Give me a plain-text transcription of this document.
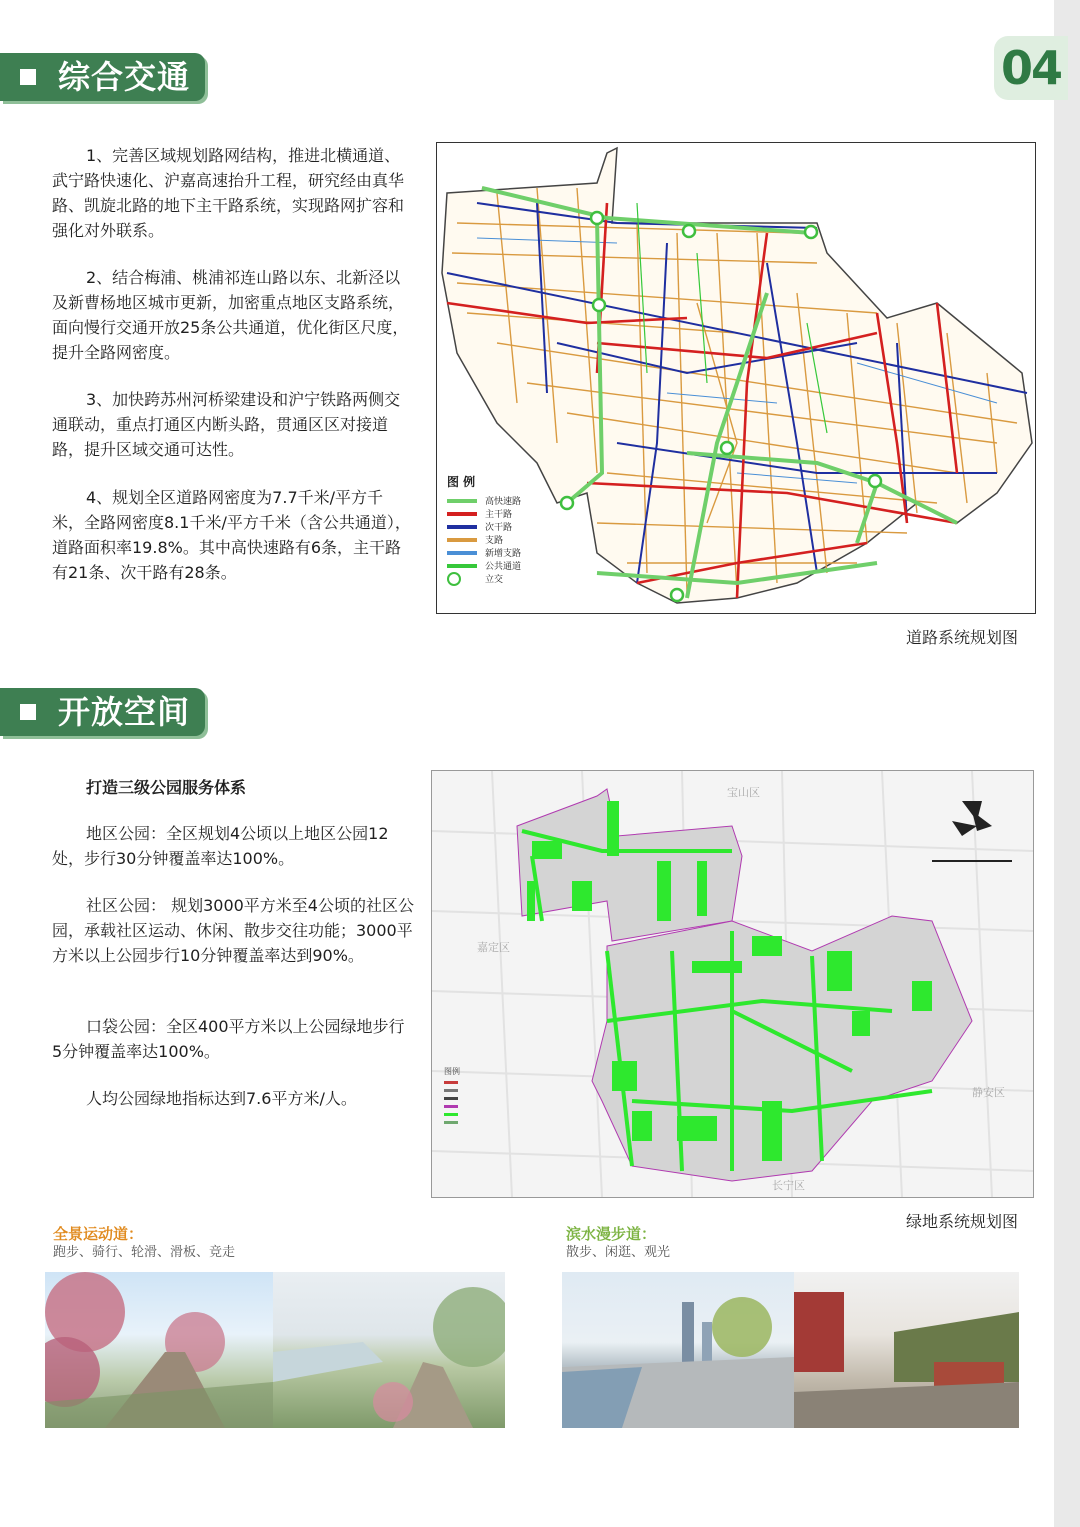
04
综合交通

1、完善区域规划路网结构，推进北横通道、武宁路快速化、沪嘉高速抬升工程，研究经由真华路、凯旋北路的地下主干路系统，实现路网扩容和强化对外联系。

2、结合梅浦、桃浦祁连山路以东、北新泾以及新曹杨地区城市更新，加密重点地区支路系统，面向慢行交通开放25条公共通道，优化街区尺度，提升全路网密度。

3、加快跨苏州河桥梁建设和沪宁铁路两侧交通联动，重点打通区内断头路，贯通区区对接道路，提升区域交通可达性。

4、规划全区道路网密度为7.7千米/平方千米，全路网密度8.1千米/平方千米（含公共通道），道路面积率19.8%。其中高快速路有6条，主干路有21条、次干路有28条。

图 例
高快速路
主干路
次干路
支路
新增支路
公共通道
立交
道路系统规划图
开放空间

打造三级公园服务体系

地区公园：全区规划4公顷以上地区公园12处，步行30分钟覆盖率达100%。

社区公园： 规划3000平方米至4公顷的社区公园，承载社区运动、休闲、散步交往功能；3000平方米以上公园步行10分钟覆盖率达到90%。

口袋公园：全区400平方米以上公园绿地步行5分钟覆盖率达100%。

人均公园绿地指标达到7.6平方米/人。

宝山区
嘉定区
静安区
长宁区
图例
绿地系统规划图
全景运动道：
跑步、骑行、轮滑、滑板、竞走
滨水漫步道：
散步、闲逛、观光
